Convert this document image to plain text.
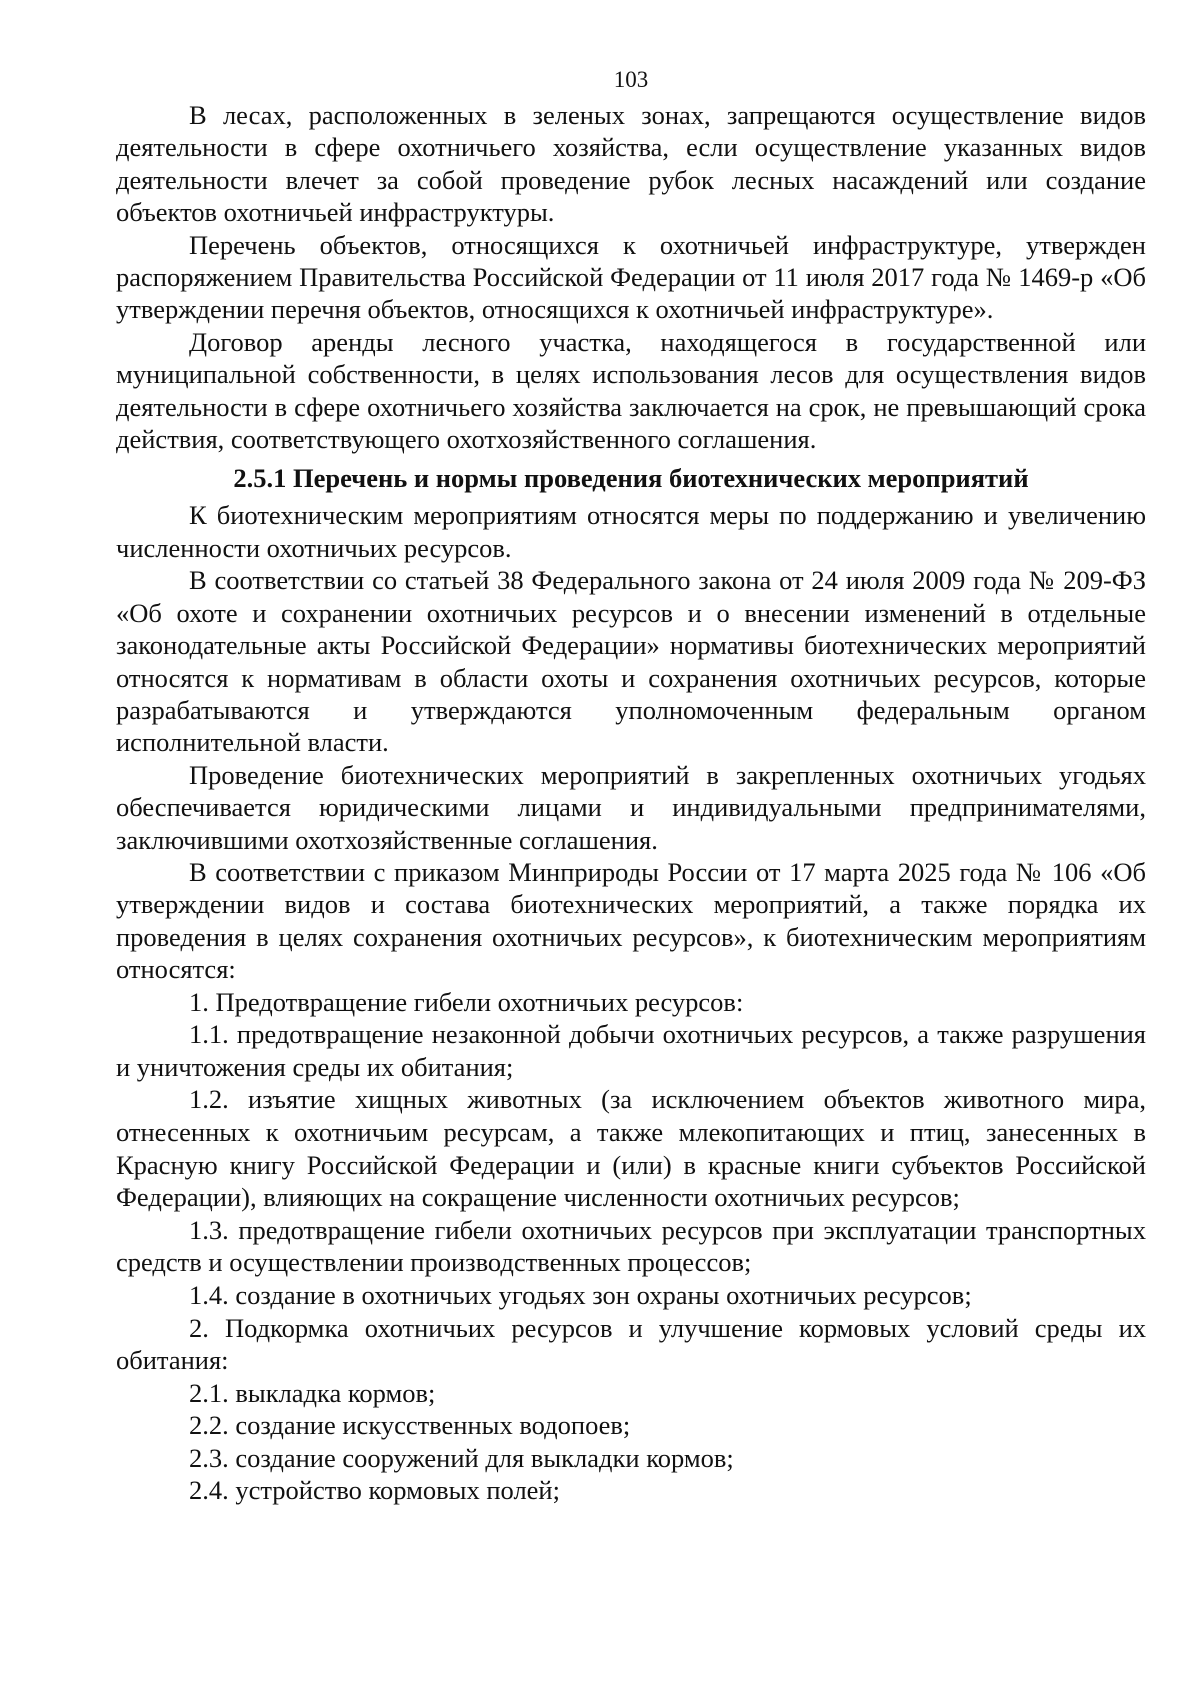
103

В лесах, расположенных в зеленых зонах, запрещаются осуществление видов деятельности в сфере охотничьего хозяйства, если осуществление указанных видов деятельности влечет за собой проведение рубок лесных насаждений или создание объектов охотничьей инфраструктуры.

Перечень объектов, относящихся к охотничьей инфраструктуре, утвержден распоряжением Правительства Российской Федерации от 11 июля 2017 года № 1469-р «Об утверждении перечня объектов, относящихся к охотничьей инфраструктуре».

Договор аренды лесного участка, находящегося в государственной или муниципальной собственности, в целях использования лесов для осуществления видов деятельности в сфере охотничьего хозяйства заключается на срок, не превышающий срока действия, соответствующего охотхозяйственного соглашения.

2.5.1 Перечень и нормы проведения биотехнических мероприятий

К биотехническим мероприятиям относятся меры по поддержанию и увеличению численности охотничьих ресурсов.

В соответствии со статьей 38 Федерального закона от 24 июля 2009 года № 209-ФЗ «Об охоте и сохранении охотничьих ресурсов и о внесении изменений в отдельные законодательные акты Российской Федерации» нормативы биотехнических мероприятий относятся к нормативам в области охоты и сохранения охотничьих ресурсов, которые разрабатываются и утверждаются уполномоченным федеральным органом исполнительной власти.

Проведение биотехнических мероприятий в закрепленных охотничьих угодьях обеспечивается юридическими лицами и индивидуальными предпринимателями, заключившими охотхозяйственные соглашения.

В соответствии с приказом Минприроды России от 17 марта 2025 года № 106 «Об утверждении видов и состава биотехнических мероприятий, а также порядка их проведения в целях сохранения охотничьих ресурсов», к биотехническим мероприятиям относятся:

1. Предотвращение гибели охотничьих ресурсов:

1.1. предотвращение незаконной добычи охотничьих ресурсов, а также разрушения и уничтожения среды их обитания;

1.2. изъятие хищных животных (за исключением объектов животного мира, отнесенных к охотничьим ресурсам, а также млекопитающих и птиц, занесенных в Красную книгу Российской Федерации и (или) в красные книги субъектов Российской Федерации), влияющих на сокращение численности охотничьих ресурсов;

1.3. предотвращение гибели охотничьих ресурсов при эксплуатации транспортных средств и осуществлении производственных процессов;

1.4. создание в охотничьих угодьях зон охраны охотничьих ресурсов;

2. Подкормка охотничьих ресурсов и улучшение кормовых условий среды их обитания:

2.1. выкладка кормов;

2.2. создание искусственных водопоев;

2.3. создание сооружений для выкладки кормов;

2.4. устройство кормовых полей;
